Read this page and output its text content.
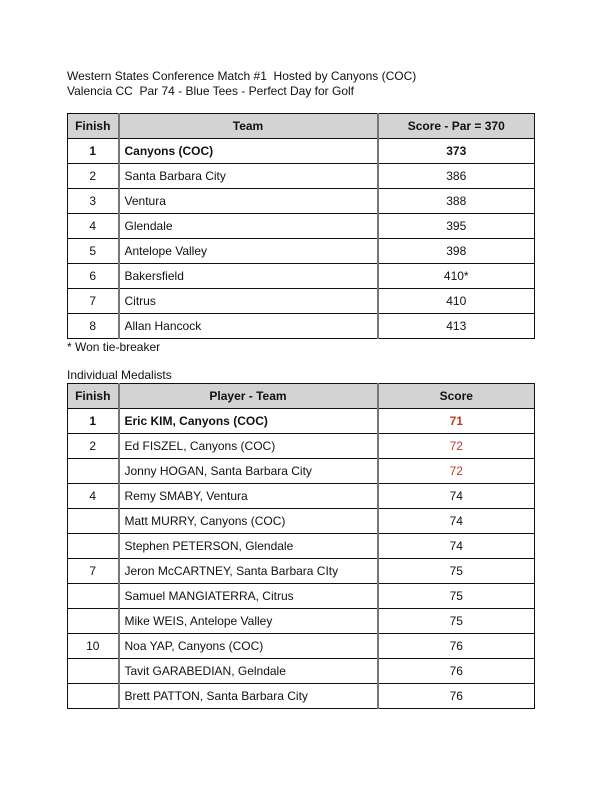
Western States Conference Match #1  Hosted by Canyons (COC)
Valencia CC  Par 74 - Blue Tees - Perfect Day for Golf
Finish	Team	Score - Par = 370
1	Canyons (COC)	373
2	Santa Barbara City	386
3	Ventura	388
4	Glendale	395
5	Antelope Valley	398
6	Bakersfield	410*
7	Citrus	410
8	Allan Hancock	413
* Won tie-breaker
Individual Medalists
Finish	Player - Team	Score
1	Eric KIM, Canyons (COC)	71
2	Ed FISZEL, Canyons (COC)	72
	Jonny HOGAN, Santa Barbara City	72
4	Remy SMABY, Ventura	74
	Matt MURRY, Canyons (COC)	74
	Stephen PETERSON, Glendale	74
7	Jeron McCARTNEY, Santa Barbara CIty	75
	Samuel MANGIATERRA, Citrus	75
	Mike WEIS, Antelope Valley	75
10	Noa YAP, Canyons (COC)	76
	Tavit GARABEDIAN, Gelndale	76
	Brett PATTON, Santa Barbara City	76
